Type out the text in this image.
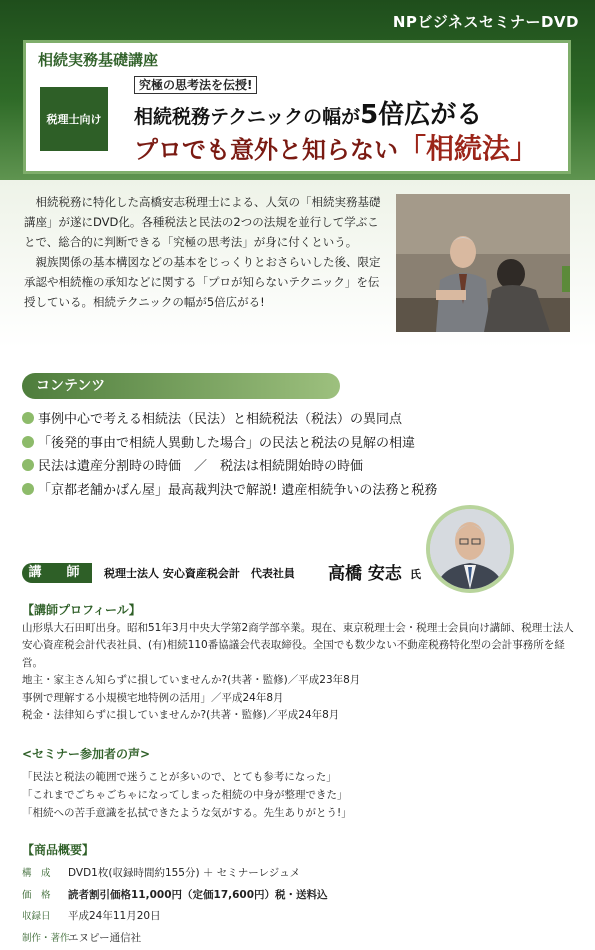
NPビジネスセミナーDVD
相続実務基礎講座
税理士向け
究極の思考法を伝授!
相続税務テクニックの幅が5倍広がる
プロでも意外と知らない「相続法」

相続税務に特化した高橋安志税理士による、人気の「相続実務基礎講座」が遂にDVD化。各種税法と民法の2つの法規を並行して学ぶことで、総合的に判断できる「究極の思考法」が身に付くという。

親族関係の基本構図などの基本をじっくりとおさらいした後、限定承認や相続権の承知などに関する「プロが知らないテクニック」を伝授している。相続テクニックの幅が5倍広がる!

コンテンツ
事例中心で考える相続法（民法）と相続税法（税法）の異同点
「後発的事由で相続人異動した場合」の民法と税法の見解の相違
民法は遺産分割時の時価　／　税法は相続開始時の時価
「京都老舗かばん屋」最高裁判決で解説! 遺産相続争いの法務と税務
講　師	税理士法人 安心資産税会計　代表社員 高橋 安志 氏
【講師プロフィール】

山形県大石田町出身。昭和51年3月中央大学第2商学部卒業。現在、東京税理士会・税理士会員向け講師、税理士法人安心資産税会計代表社員、(有)相続110番協議会代表取締役。全国でも数少ない不動産税務特化型の会計事務所を経営。

地主・家主さん知らずに損していませんか?(共著・監修)／平成23年8月

事例で理解する小規模宅地特例の活用」／平成24年8月

税金・法律知らずに損していませんか?(共著・監修)／平成24年8月

<セミナー参加者の声>

「民法と税法の範囲で迷うことが多いので、とても参考になった」

「これまでごちゃごちゃになってしまった相続の中身が整理できた」

「相続への苦手意識を払拭できたような気がする。先生ありがとう!」

【商品概要】
構　成 DVD1枚(収録時間約155分) ＋ セミナーレジュメ
価　格 読者割引価格11,000円（定価17,600円）税・送料込
収録日 平成24年11月20日
制作・著作エヌピー通信社
